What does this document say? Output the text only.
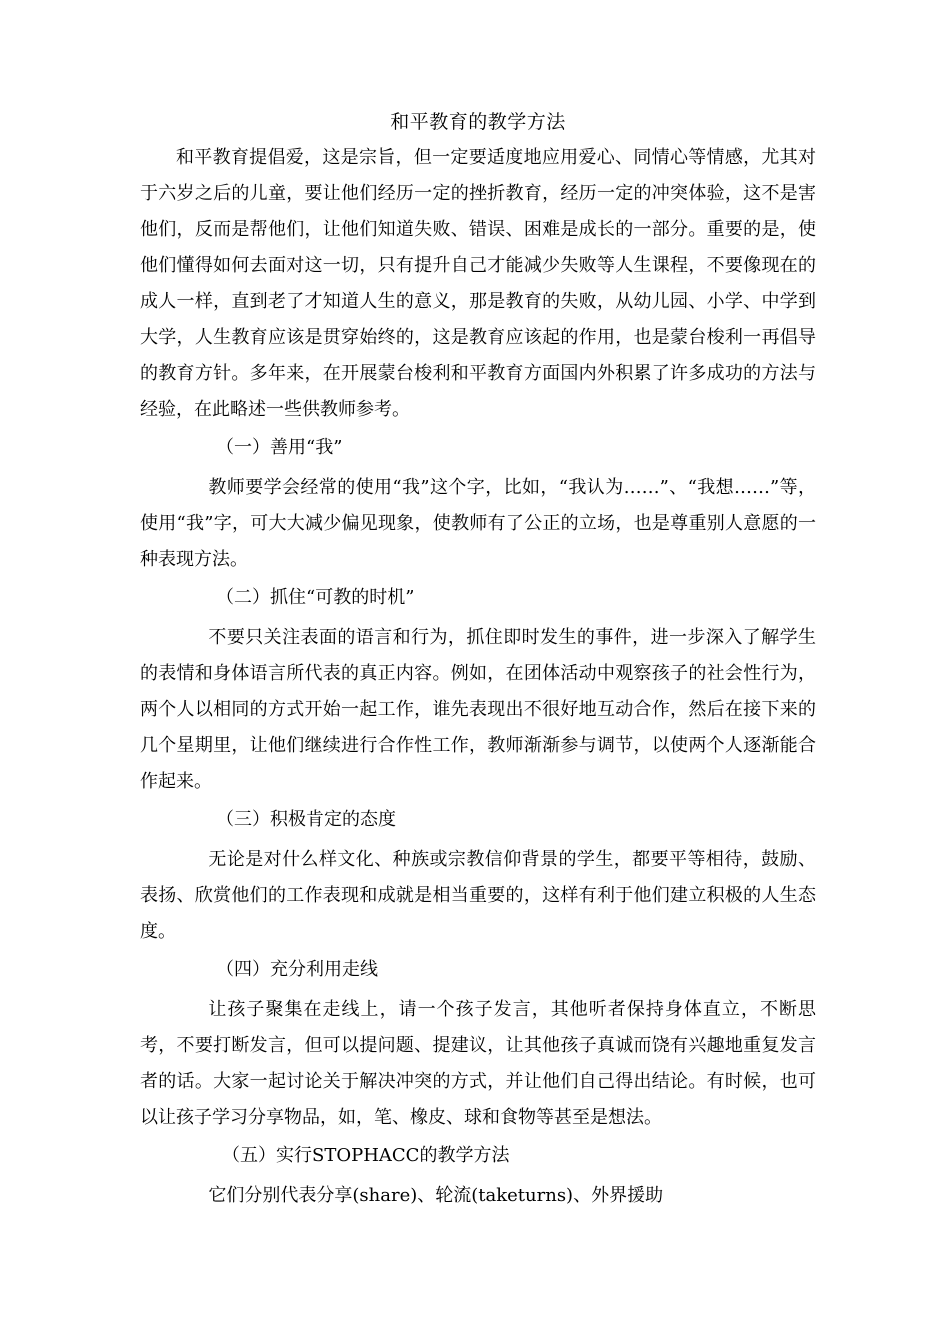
和平教育的教学方法

和平教育提倡爱，这是宗旨，但一定要适度地应用爱心、同情心等情感，尤其对于六岁之后的儿童，要让他们经历一定的挫折教育，经历一定的冲突体验，这不是害他们，反而是帮他们，让他们知道失败、错误、困难是成长的一部分。重要的是，使他们懂得如何去面对这一切，只有提升自己才能减少失败等人生课程，不要像现在的成人一样，直到老了才知道人生的意义，那是教育的失败，从幼儿园、小学、中学到大学，人生教育应该是贯穿始终的，这是教育应该起的作用，也是蒙台梭利一再倡导的教育方针。多年来，在开展蒙台梭利和平教育方面国内外积累了许多成功的方法与经验，在此略述一些供教师参考。

（一）善用“我”

教师要学会经常的使用“我”这个字，比如，“我认为……”、“我想……”等，使用“我”字，可大大减少偏见现象，使教师有了公正的立场，也是尊重别人意愿的一种表现方法。

（二）抓住“可教的时机”

不要只关注表面的语言和行为，抓住即时发生的事件，进一步深入了解学生的表情和身体语言所代表的真正内容。例如，在团体活动中观察孩子的社会性行为，两个人以相同的方式开始一起工作，谁先表现出不很好地互动合作，然后在接下来的几个星期里，让他们继续进行合作性工作，教师渐渐参与调节，以使两个人逐渐能合作起来。

（三）积极肯定的态度

无论是对什么样文化、种族或宗教信仰背景的学生，都要平等相待，鼓励、表扬、欣赏他们的工作表现和成就是相当重要的，这样有利于他们建立积极的人生态度。

（四）充分利用走线

让孩子聚集在走线上，请一个孩子发言，其他听者保持身体直立，不断思考，不要打断发言，但可以提问题、提建议，让其他孩子真诚而饶有兴趣地重复发言者的话。大家一起讨论关于解决冲突的方式，并让他们自己得出结论。有时候，也可以让孩子学习分享物品，如，笔、橡皮、球和食物等甚至是想法。

（五）实行STOPHACC的教学方法

它们分别代表分享(share)、轮流(taketurns)、外界援助
